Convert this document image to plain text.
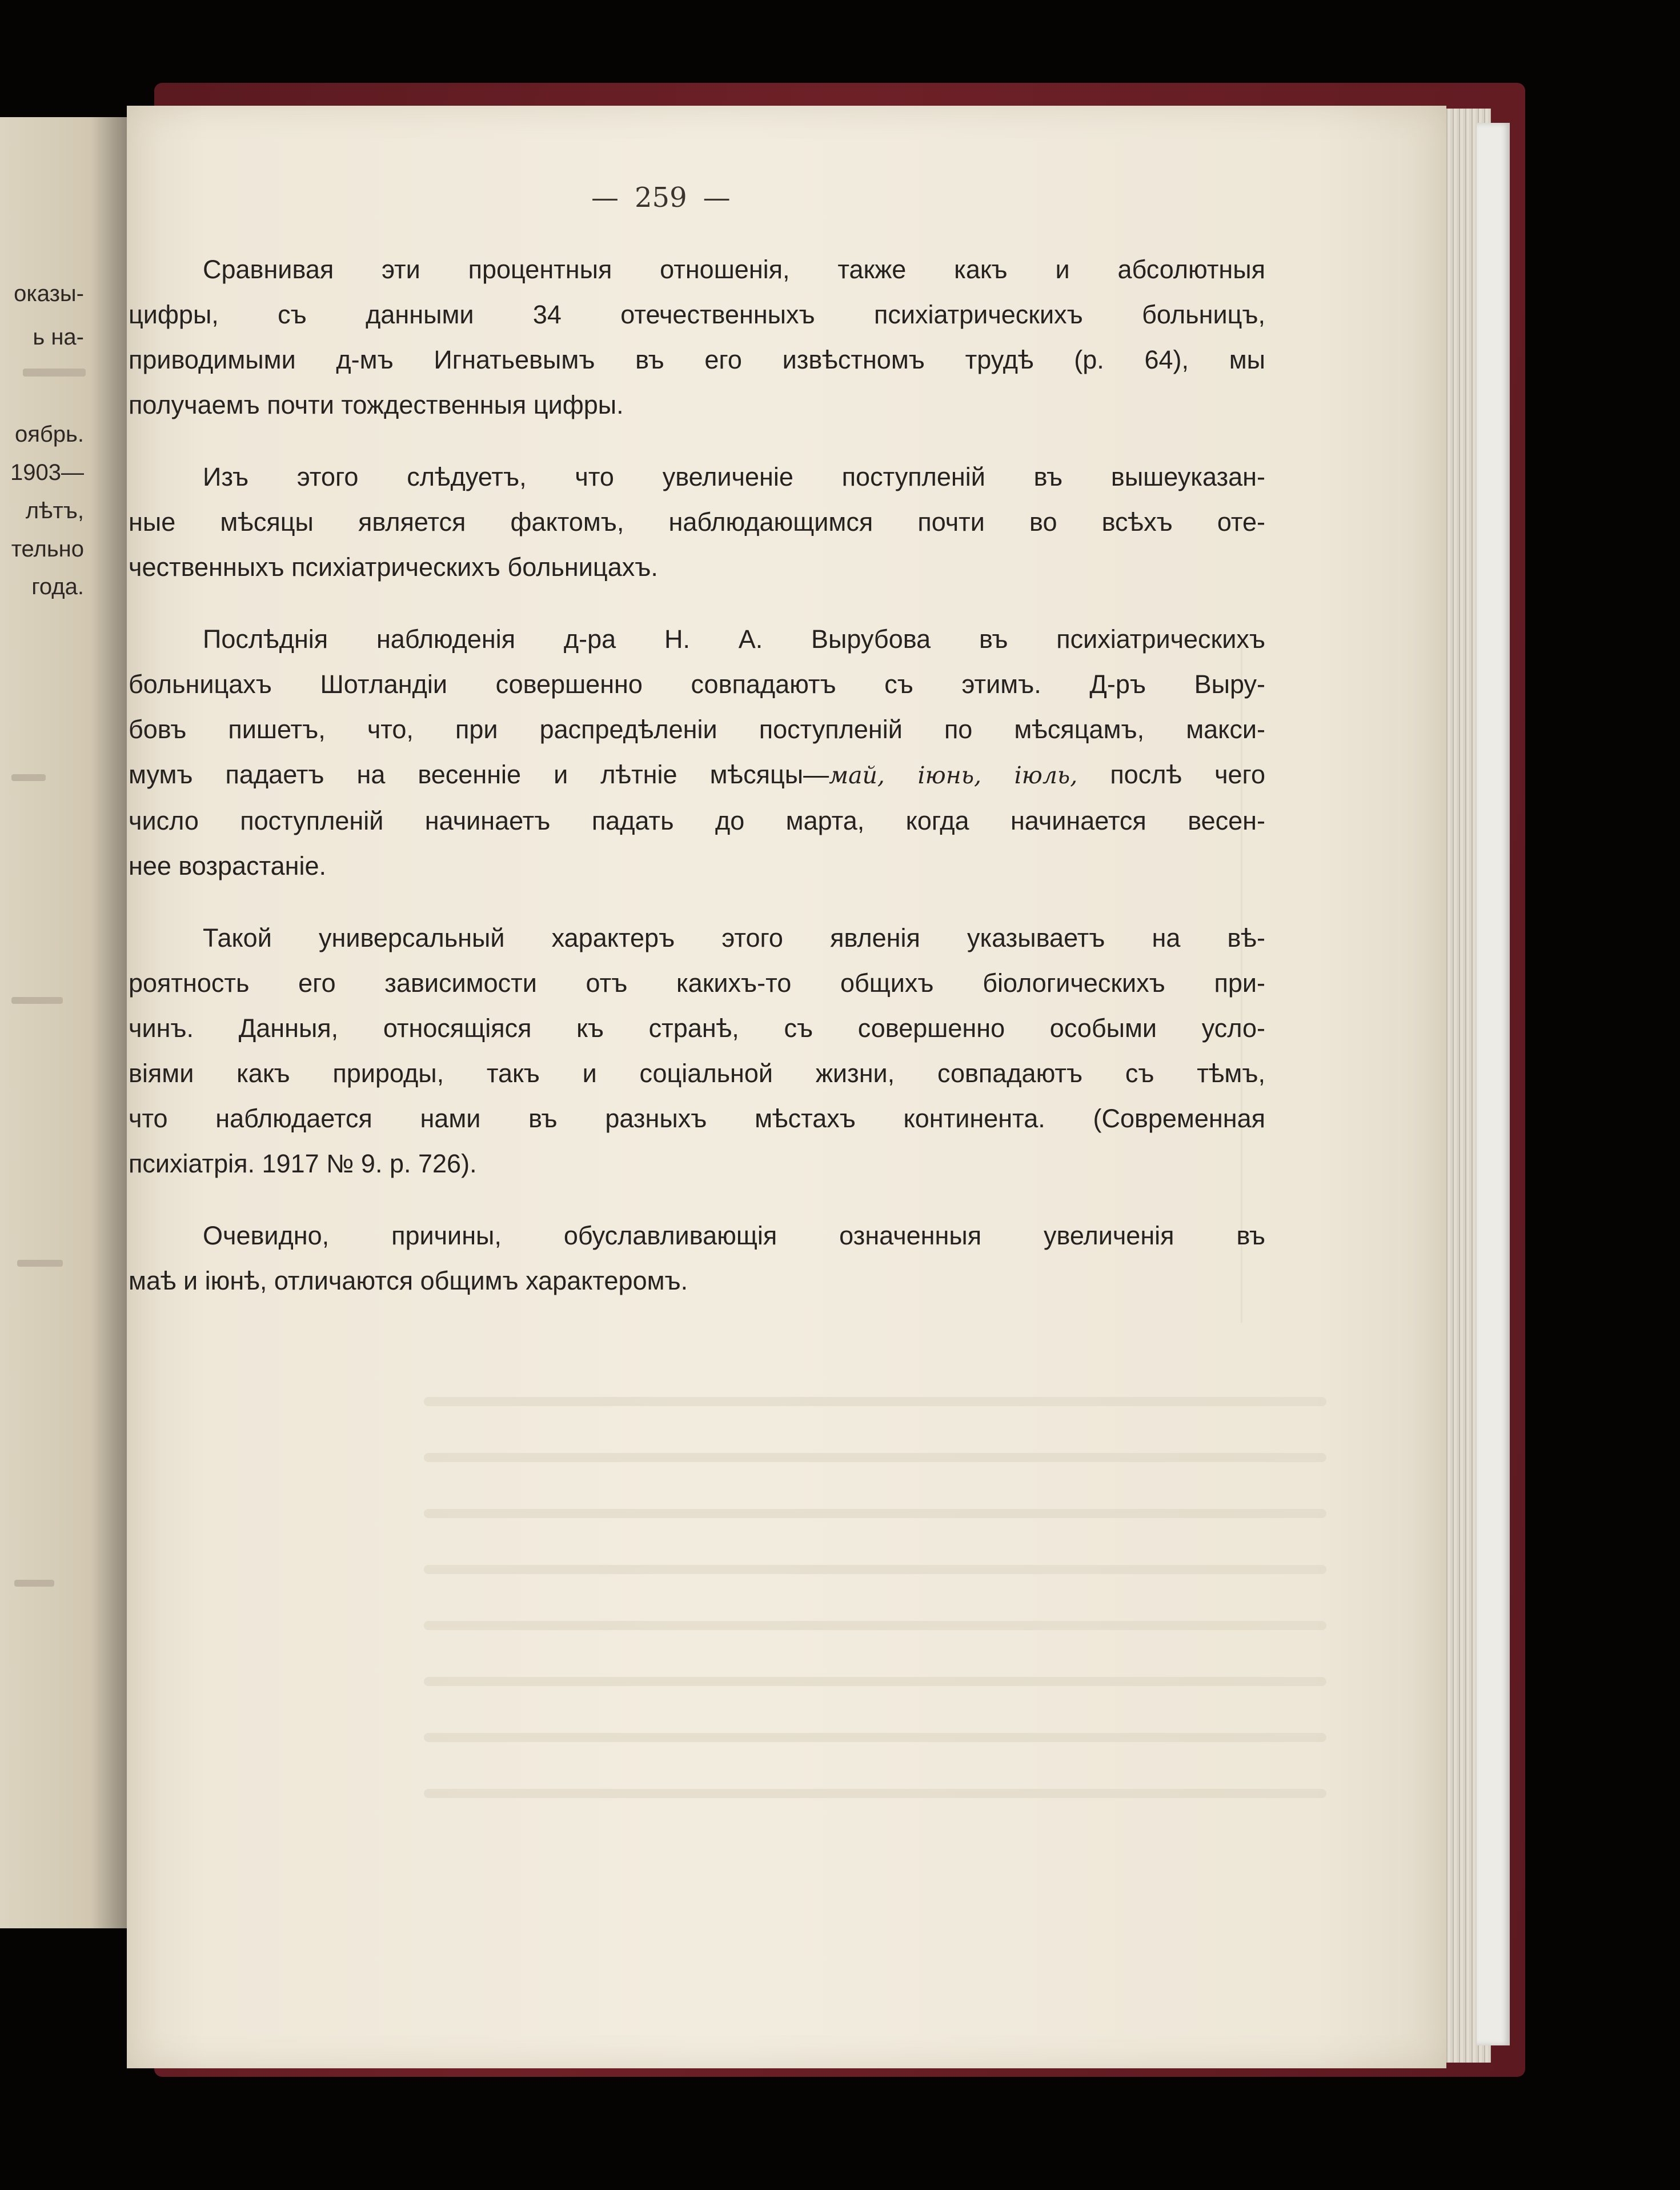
оказы-
ь на-
оябрь.
1903—
лѣтъ,
тельно
года.
— 259 —
Сравнивая эти процентныя отношенія, также какъ и абсолютныя
цифры, съ данными 34 отечественныхъ психіатрическихъ больницъ,
приводимыми д-мъ Игнатьевымъ въ его извѣстномъ трудѣ (р. 64), мы
получаемъ почти тождественныя цифры.
Изъ этого слѣдуетъ, что увеличеніе поступленій въ вышеуказан-
ные мѣсяцы является фактомъ, наблюдающимся почти во всѣхъ оте-
чественныхъ психіатрическихъ больницахъ.
Послѣднія наблюденія д-ра Н. А. Вырубова въ психіатрическихъ
больницахъ Шотландіи совершенно совпадаютъ съ этимъ. Д-ръ Выру-
бовъ пишетъ, что, при распредѣленіи поступленій по мѣсяцамъ, макси-
мумъ падаетъ на весенніе и лѣтніе мѣсяцы—май, іюнь, іюль, послѣ чего
число поступленій начинаетъ падать до марта, когда начинается весен-
нее возрастаніе.
Такой универсальный характеръ этого явленія указываетъ на вѣ-
роятность его зависимости отъ какихъ-то общихъ біологическихъ при-
чинъ. Данныя, относящіяся къ странѣ, съ совершенно особыми усло-
віями какъ природы, такъ и соціальной жизни, совпадаютъ съ тѣмъ,
что наблюдается нами въ разныхъ мѣстахъ континента. (Современная
психіатрія. 1917 № 9. р. 726).
Очевидно, причины, обуславливающія означенныя увеличенія въ
маѣ и іюнѣ, отличаются общимъ характеромъ.
